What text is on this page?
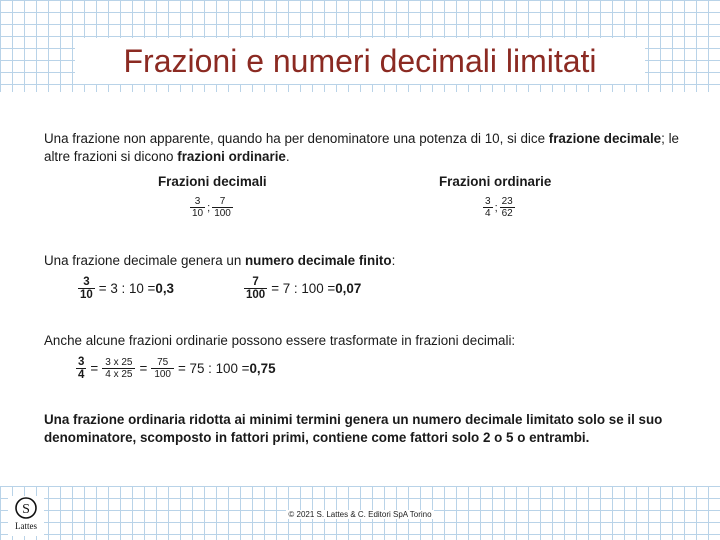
Frazioni e numeri decimali limitati

Una frazione non apparente, quando ha per denominatore una potenza di 10, si dice frazione decimale; le altre frazioni si dicono frazioni ordinarie.

Frazioni decimali	Frazioni ordinarie
$\frac{3}{10}$ ; $\frac{7}{100}$	$\frac{3}{4}$ ; $\frac{23}{62}$

Una frazione decimale genera un numero decimale finito:

$\frac{3}{10} = 3$ : 10 = 0,3	$\frac{7}{100} = 7$ : 100 = 0,07

Anche alcune frazioni ordinarie possono essere trasformate in frazioni decimali:

$\frac{3}{4} = \frac{3 x 25}{4 x 25} = \frac{75}{100} = 75$ : 100 = 0,75

Una frazione ordinaria ridotta ai minimi termini genera un numero decimale limitato solo se il suo denominatore, scomposto in fattori primi, contiene come fattori solo 2 o 5 o entrambi.

S
Lattes
© 2021 S. Lattes & C. Editori SpA Torino
